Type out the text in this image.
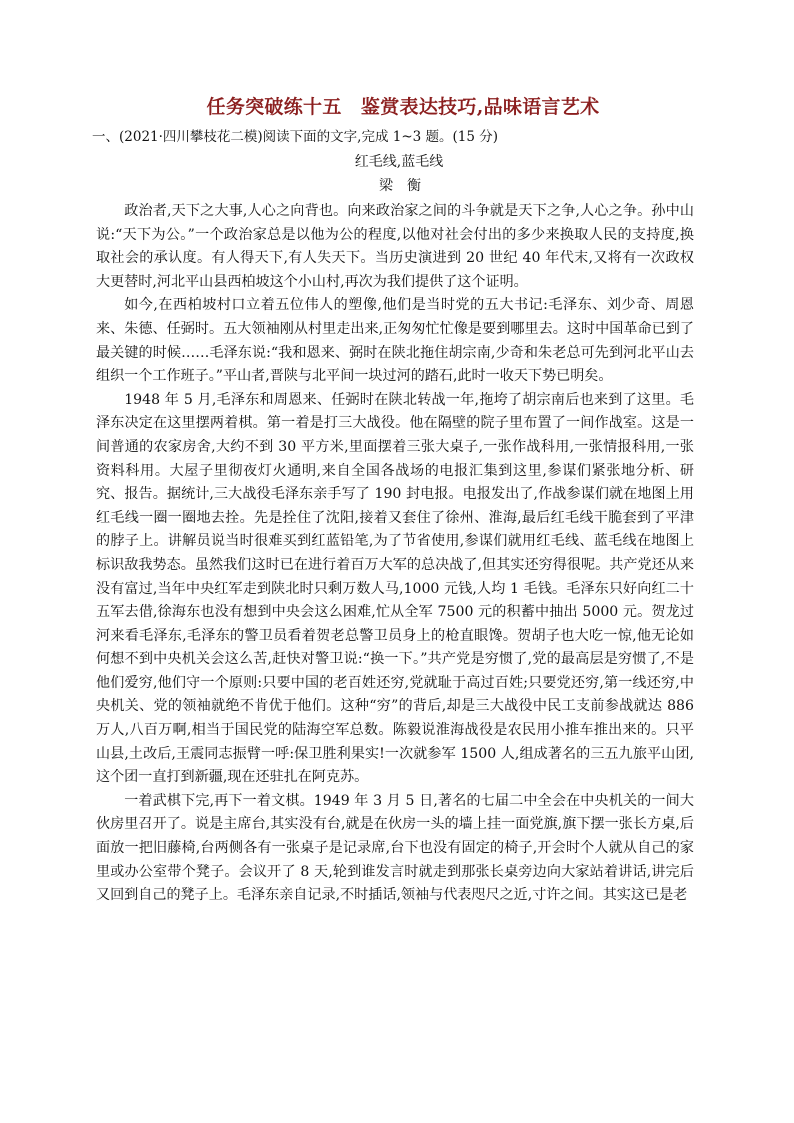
任务突破练十五　鉴赏表达技巧,品味语言艺术
一、(2021·四川攀枝花二模)阅读下面的文字,完成 1~3 题。(15 分)
红毛线,蓝毛线
梁衡

政治者,天下之大事,人心之向背也。向来政治家之间的斗争就是天下之争,人心之争。孙中山说:“天下为公。”一个政治家总是以他为公的程度,以他对社会付出的多少来换取人民的支持度,换取社会的承认度。有人得天下,有人失天下。当历史演进到 20 世纪 40 年代末,又将有一次政权大更替时,河北平山县西柏坡这个小山村,再次为我们提供了这个证明。

如今,在西柏坡村口立着五位伟人的塑像,他们是当时党的五大书记:毛泽东、刘少奇、周恩来、朱德、任弼时。五大领袖刚从村里走出来,正匆匆忙忙像是要到哪里去。这时中国革命已到了最关键的时候……毛泽东说:“我和恩来、弼时在陕北拖住胡宗南,少奇和朱老总可先到河北平山去组织一个工作班子。”平山者,晋陕与北平间一块过河的踏石,此时一收天下势已明矣。

1948 年 5 月,毛泽东和周恩来、任弼时在陕北转战一年,拖垮了胡宗南后也来到了这里。毛泽东决定在这里摆两着棋。第一着是打三大战役。他在隔壁的院子里布置了一间作战室。这是一间普通的农家房舍,大约不到 30 平方米,里面摆着三张大桌子,一张作战科用,一张情报科用,一张资料科用。大屋子里彻夜灯火通明,来自全国各战场的电报汇集到这里,参谋们紧张地分析、研究、报告。据统计,三大战役毛泽东亲手写了 190 封电报。电报发出了,作战参谋们就在地图上用红毛线一圈一圈地去拴。先是拴住了沈阳,接着又套住了徐州、淮海,最后红毛线干脆套到了平津的脖子上。讲解员说当时很难买到红蓝铅笔,为了节省使用,参谋们就用红毛线、蓝毛线在地图上标识敌我势态。虽然我们这时已在进行着百万大军的总决战了,但其实还穷得很呢。共产党还从来没有富过,当年中央红军走到陕北时只剩万数人马,1000 元钱,人均 1 毛钱。毛泽东只好向红二十五军去借,徐海东也没有想到中央会这么困难,忙从全军 7500 元的积蓄中抽出 5000 元。贺龙过河来看毛泽东,毛泽东的警卫员看着贺老总警卫员身上的枪直眼馋。贺胡子也大吃一惊,他无论如何想不到中央机关会这么苦,赶快对警卫说:“换一下。”共产党是穷惯了,党的最高层是穷惯了,不是他们爱穷,他们守一个原则:只要中国的老百姓还穷,党就耻于高过百姓;只要党还穷,第一线还穷,中央机关、党的领袖就绝不肯优于他们。这种“穷”的背后,却是三大战役中民工支前参战就达 886 万人,八百万啊,相当于国民党的陆海空军总数。陈毅说淮海战役是农民用小推车推出来的。只平山县,土改后,王震同志振臂一呼:保卫胜利果实!一次就参军 1500 人,组成著名的三五九旅平山团,这个团一直打到新疆,现在还驻扎在阿克苏。

一着武棋下完,再下一着文棋。1949 年 3 月 5 日,著名的七届二中全会在中央机关的一间大伙房里召开了。说是主席台,其实没有台,就是在伙房一头的墙上挂一面党旗,旗下摆一张长方桌,后面放一把旧藤椅,台两侧各有一张桌子是记录席,台下也没有固定的椅子,开会时个人就从自己的家里或办公室带个凳子。会议开了 8 天,轮到谁发言时就走到那张长桌旁边向大家站着讲话,讲完后又回到自己的凳子上。毛泽东亲自记录,不时插话,领袖与代表咫尺之近,寸许之间。其实这已是老
